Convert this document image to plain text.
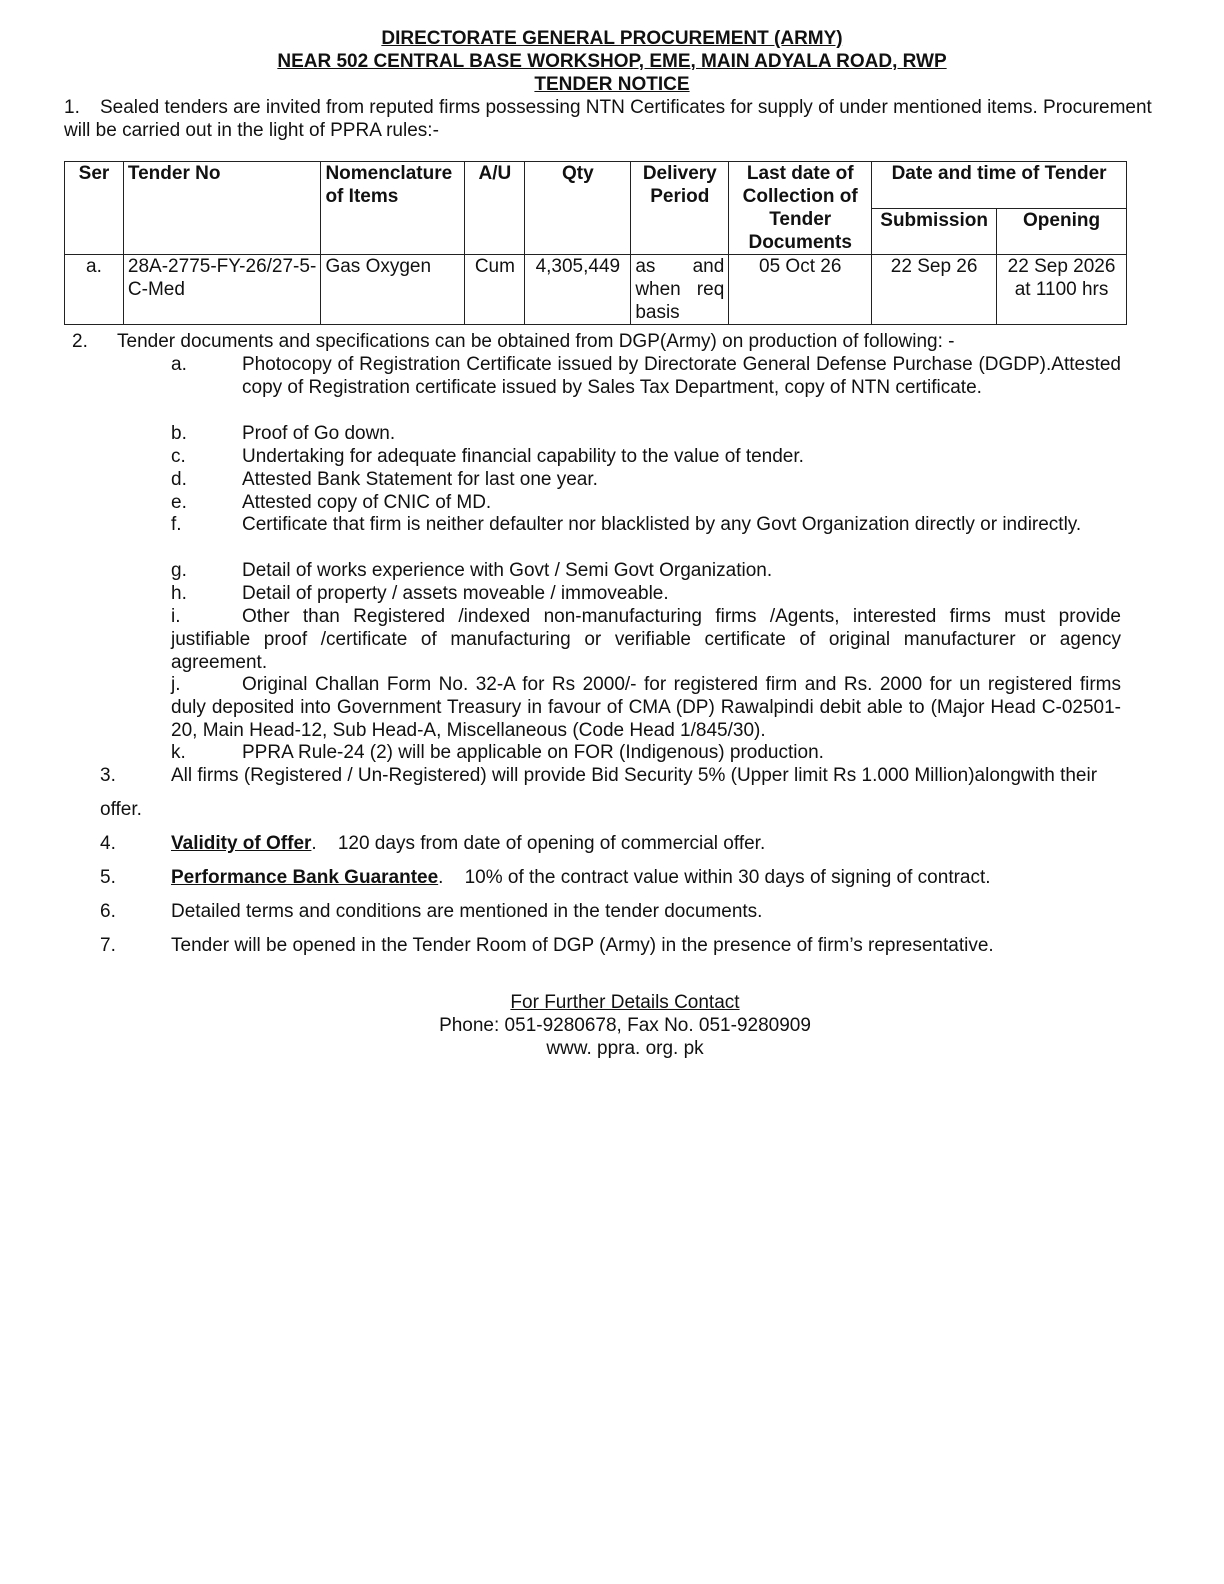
DIRECTORATE GENERAL PROCUREMENT (ARMY)
NEAR 502 CENTRAL BASE WORKSHOP, EME, MAIN ADYALA ROAD, RWP
TENDER NOTICE
1. Sealed tenders are invited from reputed firms possessing NTN Certificates for supply of under mentioned items. Procurement will be carried out in the light of PPRA rules:-
Ser	Tender No	Nomenclature of Items	A/U	Qty	Delivery Period	Last date of Collection of Tender Documents	Date and time of Tender	
							Submission	Opening
a.	28A-2775-FY-26/27-5-C-Med	Gas Oxygen	Cum	4,305,449	as and when req basis	05 Oct 26	22 Sep 26	22 Sep 2026 at 1100 hrs
2. Tender documents and specifications can be obtained from DGP(Army) on production of following: -
a.	Photocopy of Registration Certificate issued by Directorate General Defense Purchase (DGDP).Attested copy of Registration certificate issued by Sales Tax Department, copy of NTN certificate.
b.	Proof of Go down.
c.	Undertaking for adequate financial capability to the value of tender.
d.	Attested Bank Statement for last one year.
e.	Attested copy of CNIC of MD.
f.	Certificate that firm is neither defaulter nor blacklisted by any Govt Organization directly or indirectly.
g.	Detail of works experience with Govt / Semi Govt Organization.
h.	Detail of property / assets moveable / immoveable.
i.	Other than Registered /indexed non-manufacturing firms /Agents, interested firms must provide justifiable proof /certificate of manufacturing or verifiable certificate of original manufacturer or agency agreement.
j.	Original Challan Form No. 32-A for Rs 2000/- for registered firm and Rs. 2000 for un registered firms duly deposited into Government Treasury in favour of CMA (DP) Rawalpindi debit able to (Major Head C-02501-20, Main Head-12, Sub Head-A, Miscellaneous (Code Head 1/845/30).
k.	PPRA Rule-24 (2) will be applicable on FOR (Indigenous) production.
3.	All firms (Registered / Un-Registered) will provide Bid Security 5% (Upper limit Rs 1.000 Million)alongwith their
offer.
4.	Validity of Offer.    120 days from date of opening of commercial offer.
5.	Performance Bank Guarantee.    10% of the contract value within 30 days of signing of contract.
6.	Detailed terms and conditions are mentioned in the tender documents.
7.	Tender will be opened in the Tender Room of DGP (Army) in the presence of firm’s representative.
For Further Details Contact
Phone: 051-9280678, Fax No. 051-9280909
www. ppra. org. pk
